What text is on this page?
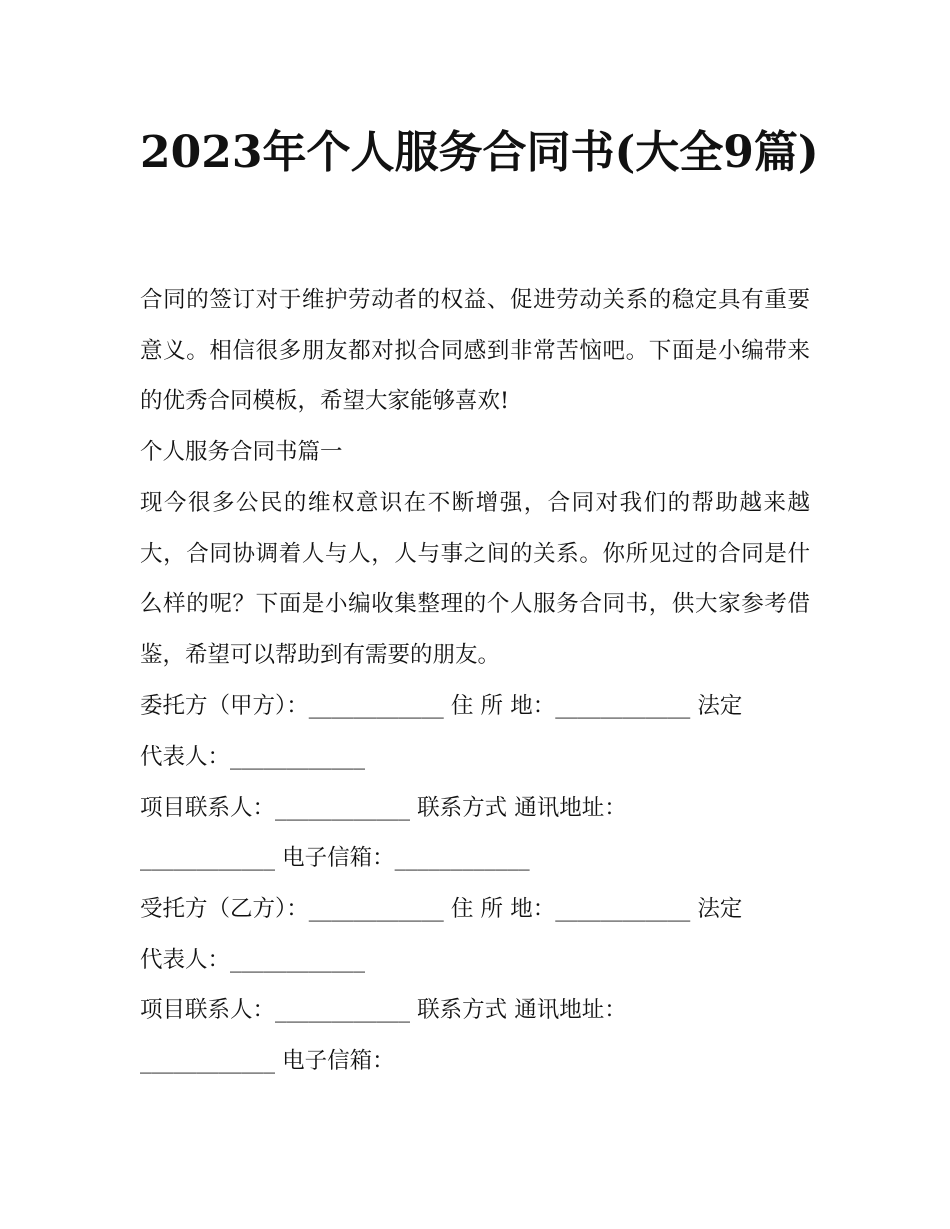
2023年个人服务合同书(大全9篇)

合同的签订对于维护劳动者的权益、促进劳动关系的稳定具有重要意义。相信很多朋友都对拟合同感到非常苦恼吧。下面是小编带来的优秀合同模板，希望大家能够喜欢!

个人服务合同书篇一

现今很多公民的维权意识在不断增强，合同对我们的帮助越来越大，合同协调着人与人，人与事之间的关系。你所见过的合同是什么样的呢？下面是小编收集整理的个人服务合同书，供大家参考借鉴，希望可以帮助到有需要的朋友。

委托方（甲方）：____________ 住 所 地：____________ 法定

代表人：____________

项目联系人：____________ 联系方式 通讯地址：

____________ 电子信箱：____________

受托方（乙方）：____________ 住 所 地：____________ 法定

代表人：____________

项目联系人：____________ 联系方式 通讯地址：

____________ 电子信箱：
